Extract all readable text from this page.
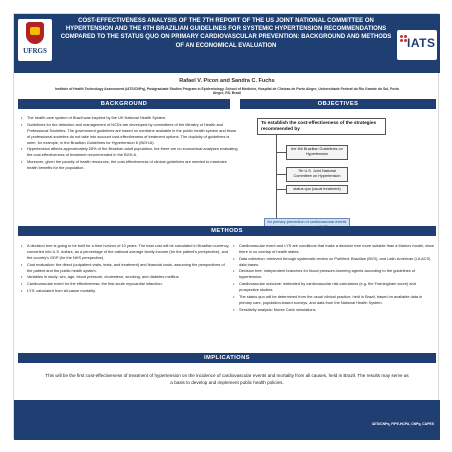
UFRGS
COST-EFFECTIVENESS ANALYSIS OF THE 7TH REPORT OF THE US JOINT NATIONAL COMMITTEE ON HYPERTENSION AND THE 6TH BRAZILIAN GUIDELINES FOR SYSTEMIC HYPERTENSION RECOMMENDATIONS COMPARED TO THE STATUS QUO ON PRIMARY CARDIOVASCULAR PREVENTION: BACKGROUND AND METHODS OF AN ECONOMICAL EVALUATION	IATS
Rafael V. Picon and Sandra C. Fuchs
Institute of Health Technology Assessment (IATS/CNPq), Postgraduate Studies Program in Epidemiology, School of Medicine, Hospital de Clínicas de Porto Alegre, Universidade Federal do Rio Grande do Sul, Porto Alegre, RS, Brazil
BACKGROUND
• The health care system of Brazil was inspired by the UK National Health System.
• Guidelines for the detection and management of NCDs are developed by committees of the Ministry of Health and Professional Societies. The government guidelines are based on medicine available in the public health system and those of professional societies do not take into account cost-effectiveness of treatment options. The duplicity of guidelines is seen, for example, in the Brazilian Guidelines for Hypertension 6 (BGH-6).
• Hypertension affects approximately 28% of the Brazilian adult population, but there are no economical analyses evaluating the cost-effectiveness of treatment recommended in the BGH-6.
• Moreover, given the paucity of health resources, the cost-effectiveness of clinical guidelines are needed to maximize health benefits for the population.
OBJECTIVES
To establish the cost-effectiveness of the strategies recommended by
the 6th Brazilian Guidelines on Hypertension
7th U.S. Joint National Committee on Hypertension
status quo (usual treatment)
for primary prevention of cardiovascular events
METHODS
• A decision tree is going to be built for a time horizon of 10 years. The total cost will be calculated in Brazilian currency, converted into U.S. dollars, as a percentage of the national average family income (for the patient's perspective), and the country's GDP (for the NHS perspective).
• Cost evaluation: the direct (outpatient visits, tests, and treatment) and financial costs, assuming the perspectives of the patient and the public health system.
• Variables in study: sex, age, blood pressure, cholesterol, smoking, and diabetes mellitus.
• Cardiovascular event for the effectiveness: the first acute myocardial infarction.
• LYS: calculated from all-cause mortality.
• Cardiovascular event and LYS are conditions that make a decision tree more suitable than a Markov model, since there is no overlap of health states.
• Data collection: retrieved through systematic review on PubMed, Brazilian (BVS), and Latin-American (LILACS) data bases.
• Decision tree: independent branches for blood pressure-lowering agents according to the guidelines of hypertension.
• Cardiovascular outcome: estimated by cardiovascular risk calculators (e.g. the Framingham score) and prospective studies.
• The status quo will be determined from the usual clinical practice, held in Brazil, based on available data in primary care, population-based surveys, and data from the National Health System.
• Sensitivity analysis: Monte Carlo simulations
IMPLICATIONS
This will be the first cost-effectiveness of treatment of hypertension on the incidence of cardiovascular events and mortality from all causes, held in Brazil. The results may serve as a basis to develop and implement public health policies.
IATS/CNPq, FIPE-HCPA, CNPq, CAPES
